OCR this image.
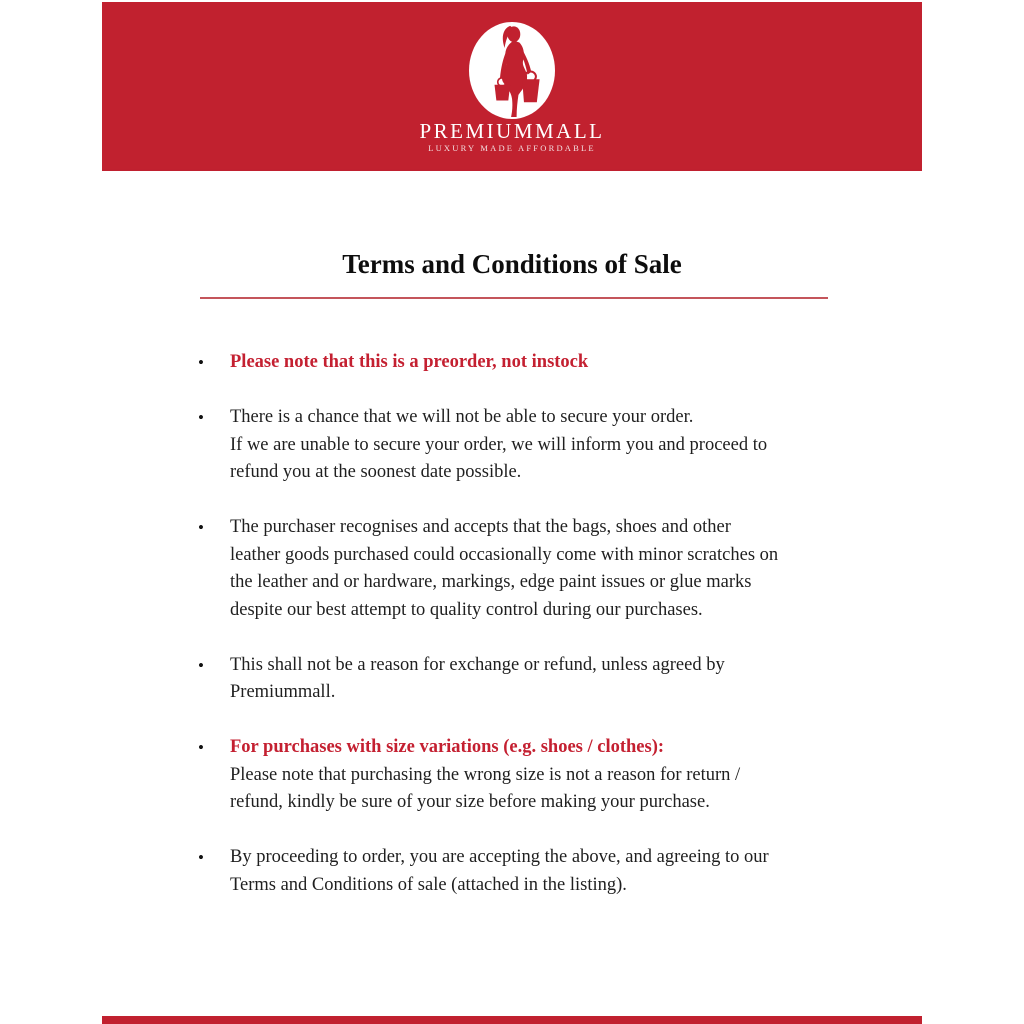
PREMIUMMALL
LUXURY MADE AFFORDABLE
Terms and Conditions of Sale
• Please note that this is a preorder, not instock
• There is a chance that we will not be able to secure your order.
If we are unable to secure your order, we will inform you and proceed to
refund you at the soonest date possible.
• The purchaser recognises and accepts that the bags, shoes and other
leather goods purchased could occasionally come with minor scratches on
the leather and or hardware, markings, edge paint issues or glue marks
despite our best attempt to quality control during our purchases.
• This shall not be a reason for exchange or refund, unless agreed by
Premiummall.
• For purchases with size variations (e.g. shoes / clothes):
Please note that purchasing the wrong size is not a reason for return /
refund, kindly be sure of your size before making your purchase.
• By proceeding to order, you are accepting the above, and agreeing to our
Terms and Conditions of sale (attached in the listing).
